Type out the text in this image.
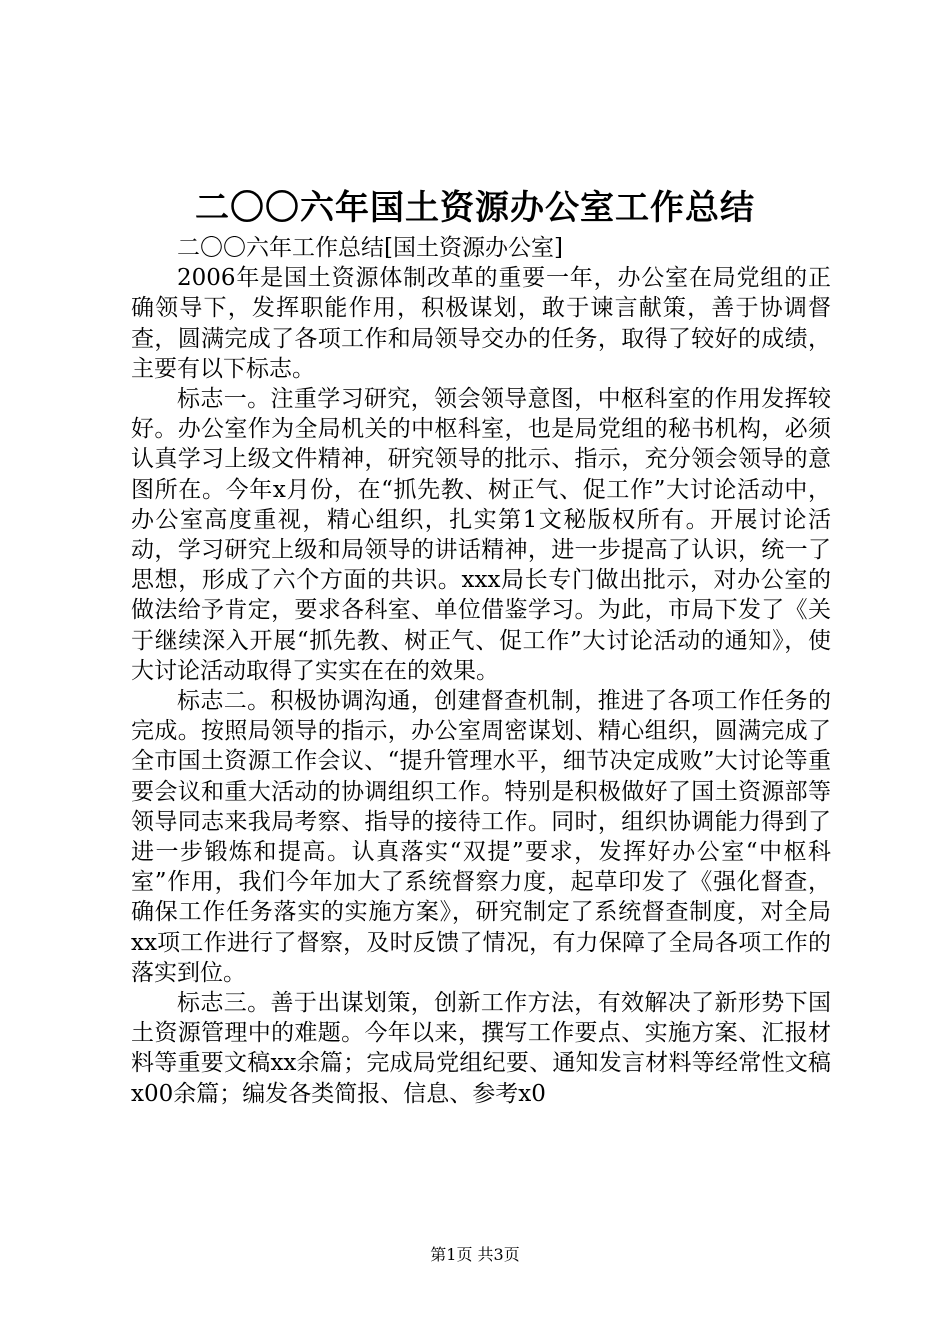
二〇〇六年国土资源办公室工作总结

二〇〇六年工作总结[国土资源办公室]

2006年是国土资源体制改革的重要一年，办公室在局党组的正确领导下，发挥职能作用，积极谋划，敢于谏言献策，善于协调督查，圆满完成了各项工作和局领导交办的任务，取得了较好的成绩，主要有以下标志。

标志一。注重学习研究，领会领导意图，中枢科室的作用发挥较好。办公室作为全局机关的中枢科室，也是局党组的秘书机构，必须认真学习上级文件精神，研究领导的批示、指示，充分领会领导的意图所在。今年x月份，在“抓先教、树正气、促工作”大讨论活动中，办公室高度重视，精心组织，扎实第1文秘版权所有。开展讨论活动，学习研究上级和局领导的讲话精神，进一步提高了认识，统一了思想，形成了六个方面的共识。xxx局长专门做出批示，对办公室的做法给予肯定，要求各科室、单位借鉴学习。为此，市局下发了《关于继续深入开展“抓先教、树正气、促工作”大讨论活动的通知》，使大讨论活动取得了实实在在的效果。

标志二。积极协调沟通，创建督查机制，推进了各项工作任务的完成。按照局领导的指示，办公室周密谋划、精心组织，圆满完成了全市国土资源工作会议、“提升管理水平，细节决定成败”大讨论等重要会议和重大活动的协调组织工作。特别是积极做好了国土资源部等领导同志来我局考察、指导的接待工作。同时，组织协调能力得到了进一步锻炼和提高。认真落实“双提”要求，发挥好办公室“中枢科室”作用，我们今年加大了系统督察力度，起草印发了《强化督查，确保工作任务落实的实施方案》，研究制定了系统督查制度，对全局xx项工作进行了督察，及时反馈了情况，有力保障了全局各项工作的落实到位。

标志三。善于出谋划策，创新工作方法，有效解决了新形势下国土资源管理中的难题。今年以来，撰写工作要点、实施方案、汇报材料等重要文稿xx余篇；完成局党组纪要、通知发言材料等经常性文稿x00余篇；编发各类简报、信息、参考x0

第1页 共3页
